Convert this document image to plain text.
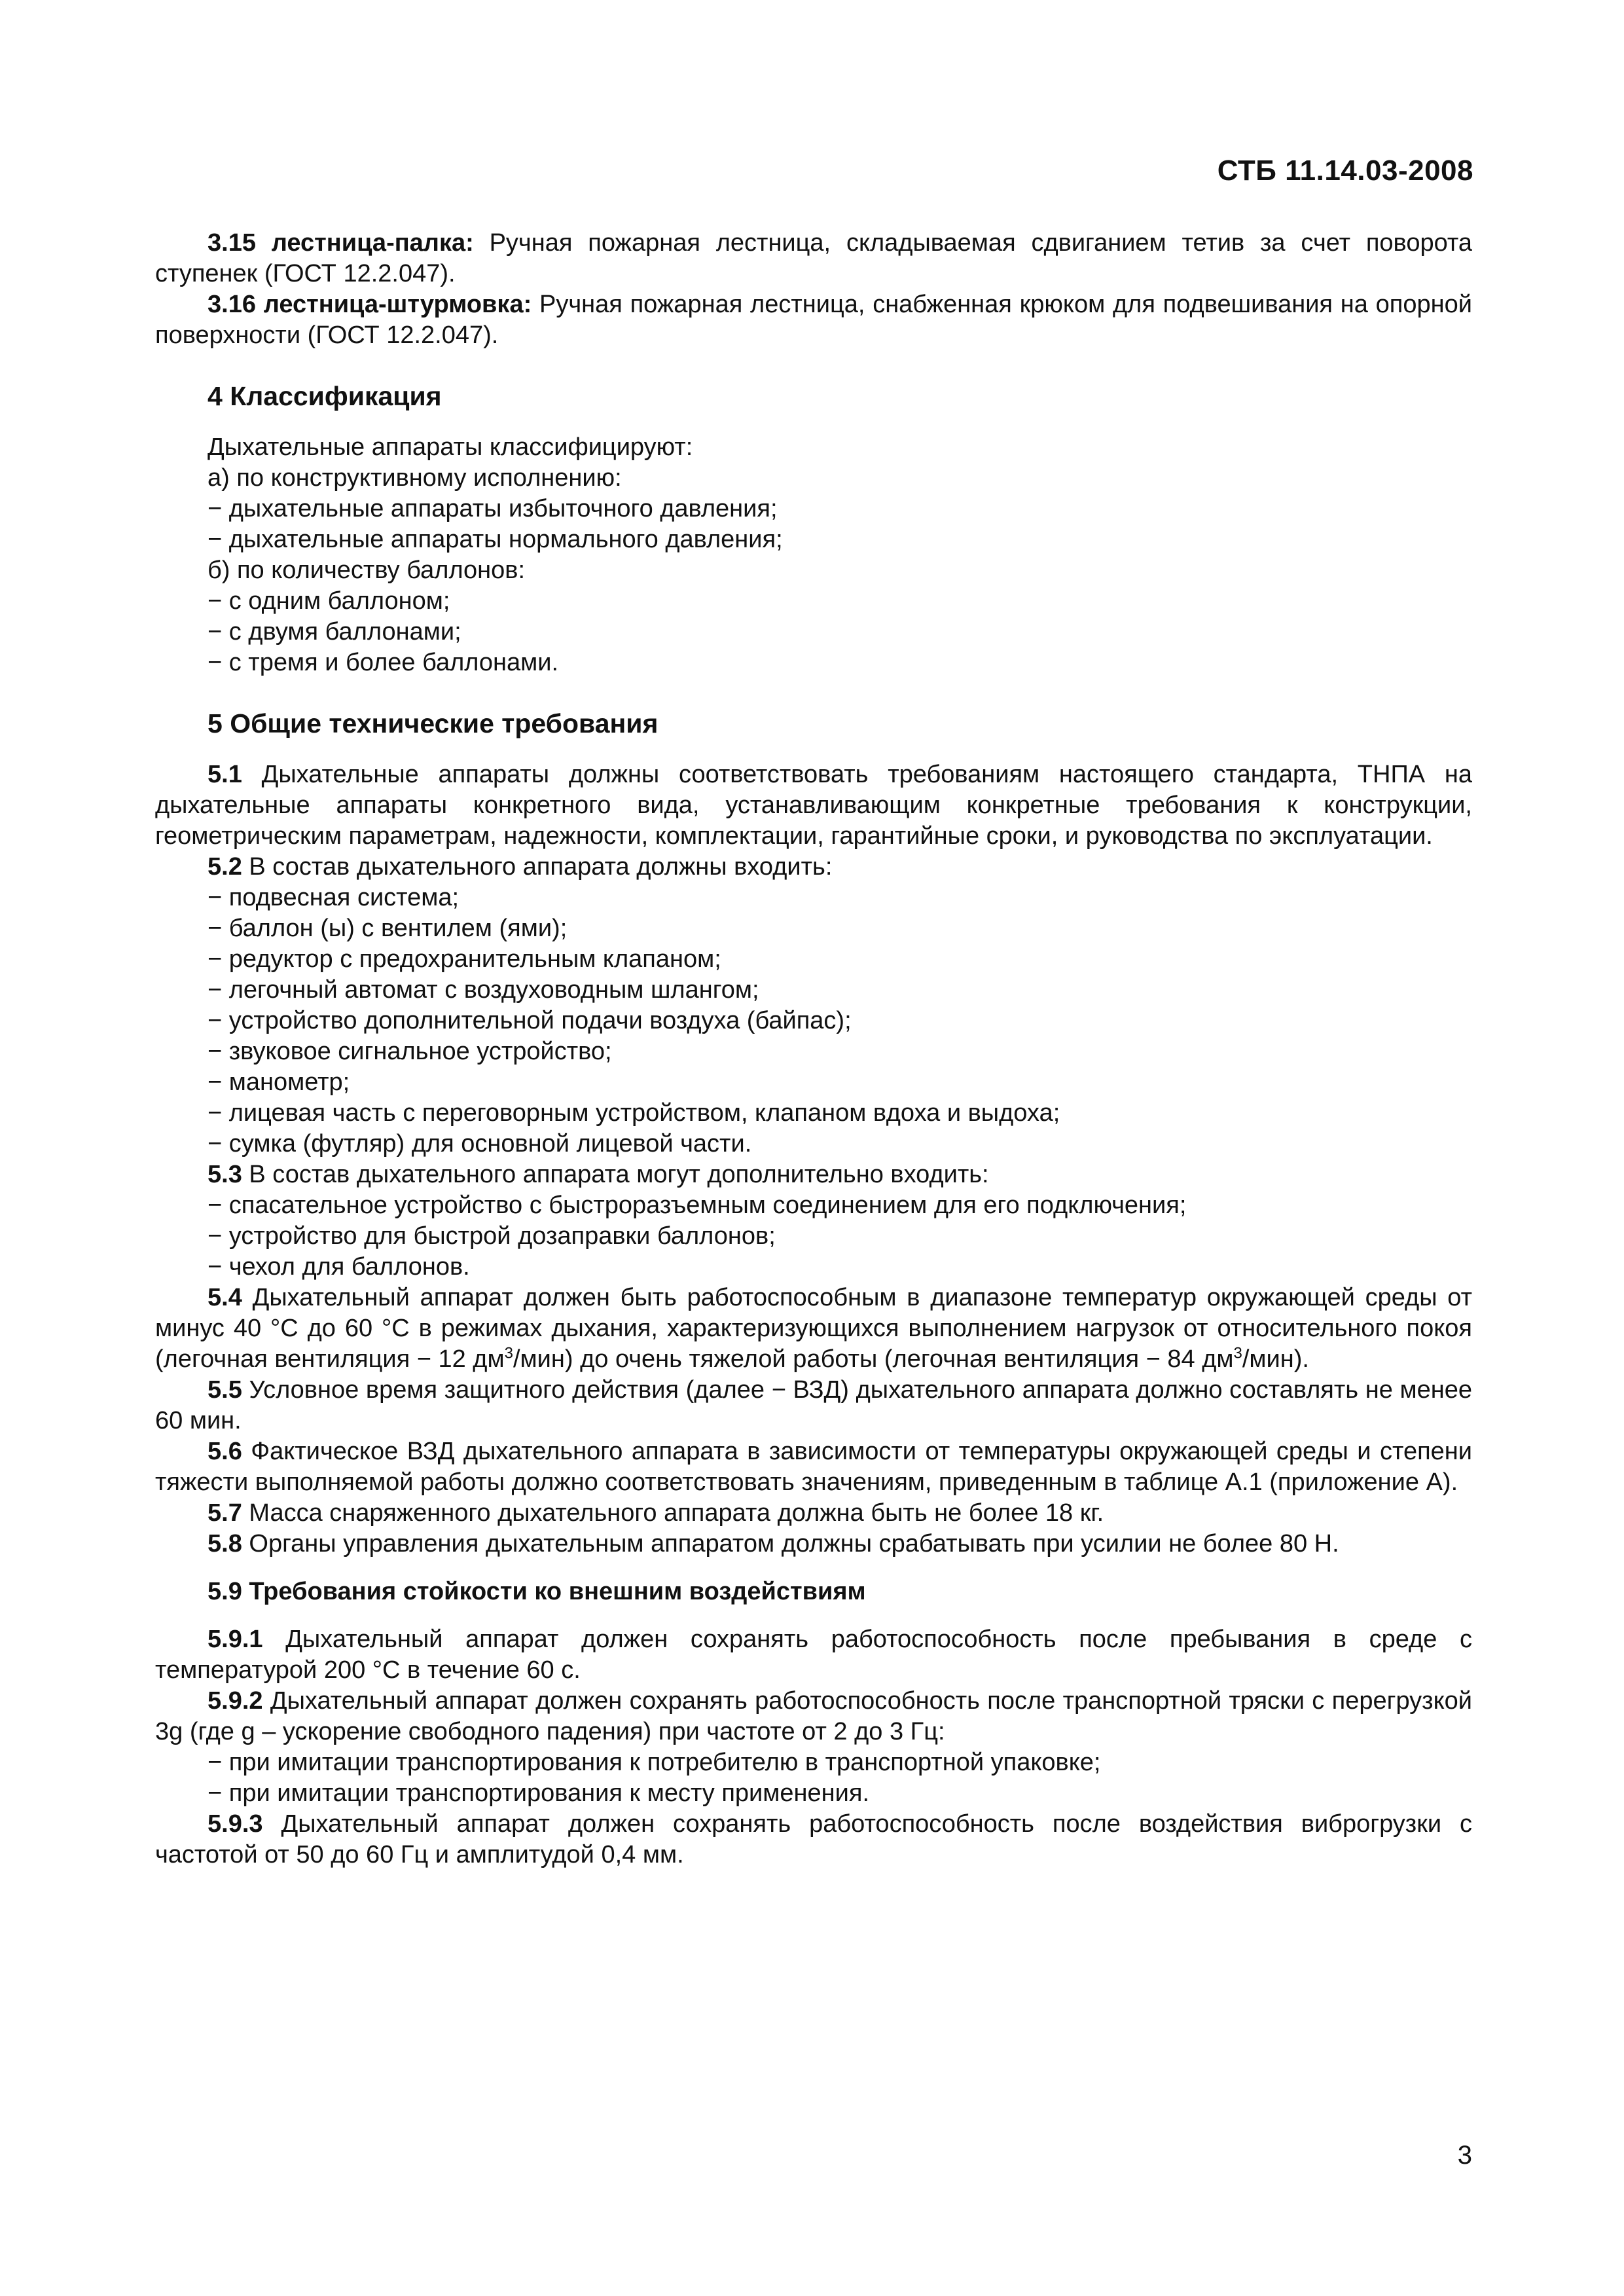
СТБ 11.14.03-2008

3.15 лестница-палка: Ручная пожарная лестница, складываемая сдвиганием тетив за счет поворота ступенек (ГОСТ 12.2.047).

3.16 лестница-штурмовка: Ручная пожарная лестница, снабженная крюком для подвешивания на опорной поверхности (ГОСТ 12.2.047).

4 Классификация

Дыхательные аппараты классифицируют:

а) по конструктивному исполнению:

− дыхательные аппараты избыточного давления;

− дыхательные аппараты нормального давления;

б) по количеству баллонов:

− с одним баллоном;

− с двумя баллонами;

− с тремя и более баллонами.

5 Общие технические требования

5.1 Дыхательные аппараты должны соответствовать требованиям настоящего стандарта, ТНПА на дыхательные аппараты конкретного вида, устанавливающим конкретные требования к конструкции, геометрическим параметрам, надежности, комплектации, гарантийные сроки, и руководства по эксплуатации.

5.2 В состав дыхательного аппарата должны входить:

− подвесная система;

− баллон (ы) с вентилем (ями);

− редуктор с предохранительным клапаном;

− легочный автомат с воздуховодным шлангом;

− устройство дополнительной подачи воздуха (байпас);

− звуковое сигнальное устройство;

− манометр;

− лицевая часть с переговорным устройством, клапаном вдоха и выдоха;

− сумка (футляр) для основной лицевой части.

5.3 В состав дыхательного аппарата могут дополнительно входить:

− спасательное устройство с быстроразъемным соединением для его подключения;

− устройство для быстрой дозаправки баллонов;

− чехол для баллонов.

5.4 Дыхательный аппарат должен быть работоспособным в диапазоне температур окружающей среды от минус 40 °С до 60 °С в режимах дыхания, характеризующихся выполнением нагрузок от относительного покоя (легочная вентиляция − 12 $дм^3/мин$) до очень тяжелой работы (легочная вентиляция − 84 $дм^3/мин$).

5.5 Условное время защитного действия (далее − ВЗД) дыхательного аппарата должно составлять не менее 60 мин.

5.6 Фактическое ВЗД дыхательного аппарата в зависимости от температуры окружающей среды и степени тяжести выполняемой работы должно соответствовать значениям, приведенным в таблице А.1 (приложение А).

5.7 Масса снаряженного дыхательного аппарата должна быть не более 18 кг.

5.8 Органы управления дыхательным аппаратом должны срабатывать при усилии не более 80 Н.

5.9 Требования стойкости ко внешним воздействиям

5.9.1 Дыхательный аппарат должен сохранять работоспособность после пребывания в среде с температурой 200 °С в течение 60 с.

5.9.2 Дыхательный аппарат должен сохранять работоспособность после транспортной тряски с перегрузкой 3g (где g – ускорение свободного падения) при частоте от 2 до 3 Гц:

− при имитации транспортирования к потребителю в транспортной упаковке;

− при имитации транспортирования к месту применения.

5.9.3 Дыхательный аппарат должен сохранять работоспособность после воздействия виброгрузки с частотой от 50 до 60 Гц и амплитудой 0,4 мм.

3
